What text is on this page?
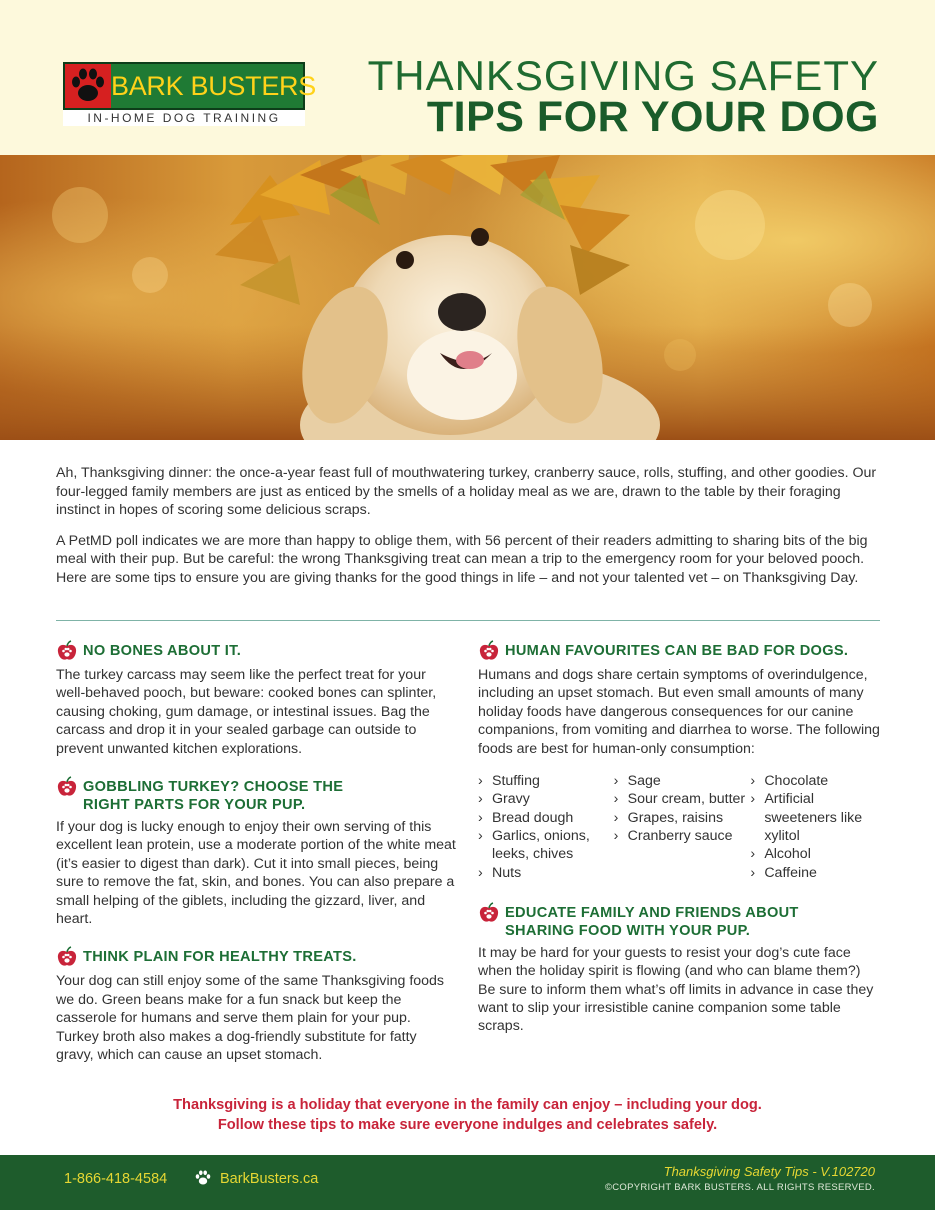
BARK BUSTERS
IN-HOME DOG TRAINING
THANKSGIVING SAFETY
TIPS FOR YOUR DOG

Ah, Thanksgiving dinner: the once-a-year feast full of mouthwatering turkey, cranberry sauce, rolls, stuffing, and other goodies. Our four-legged family members are just as enticed by the smells of a holiday meal as we are, drawn to the table by their foraging instinct in hopes of scoring some delicious scraps.

A PetMD poll indicates we are more than happy to oblige them, with 56 percent of their readers admitting to sharing bits of the big meal with their pup. But be careful: the wrong Thanksgiving treat can mean a trip to the emergency room for your beloved pooch. Here are some tips to ensure you are giving thanks for the good things in life – and not your talented vet – on Thanksgiving Day.

NO BONES ABOUT IT.
The turkey carcass may seem like the perfect treat for your well-behaved pooch, but beware: cooked bones can splinter, causing choking, gum damage, or intestinal issues. Bag the carcass and drop it in your sealed garbage can outside to prevent unwanted kitchen explorations.
GOBBLING TURKEY? CHOOSE THE
RIGHT PARTS FOR YOUR PUP.
If your dog is lucky enough to enjoy their own serving of this excellent lean protein, use a moderate portion of the white meat (it’s easier to digest than dark). Cut it into small pieces, being sure to remove the fat, skin, and bones. You can also prepare a small helping of the giblets, including the gizzard, liver, and heart.
THINK PLAIN FOR HEALTHY TREATS.
Your dog can still enjoy some of the same Thanksgiving foods we do. Green beans make for a fun snack but keep the casserole for humans and serve them plain for your pup. Turkey broth also makes a dog-friendly substitute for fatty gravy, which can cause an upset stomach.
HUMAN FAVOURITES CAN BE BAD FOR DOGS.
Humans and dogs share certain symptoms of overindulgence, including an upset stomach. But even small amounts of many holiday foods have dangerous consequences for our canine companions, from vomiting and diarrhea to worse. The following foods are best for human-only consumption:
› Stuffing
› Gravy
› Bread dough
› Garlics, onions, leeks, chives
› Nuts
› Sage
› Sour cream, butter
› Grapes, raisins
› Cranberry sauce
› Chocolate
› Artificial sweeteners like xylitol
› Alcohol
› Caffeine
EDUCATE FAMILY AND FRIENDS ABOUT
SHARING FOOD WITH YOUR PUP.
It may be hard for your guests to resist your dog’s cute face when the holiday spirit is flowing (and who can blame them?) Be sure to inform them what’s off limits in advance in case they want to slip your irresistible canine companion some table scraps.
Thanksgiving is a holiday that everyone in the family can enjoy – including your dog.
Follow these tips to make sure everyone indulges and celebrates safely.
1-866-418-4584	BarkBusters.ca	Thanksgiving Safety Tips - V.102720
©COPYRIGHT BARK BUSTERS. ALL RIGHTS RESERVED.
